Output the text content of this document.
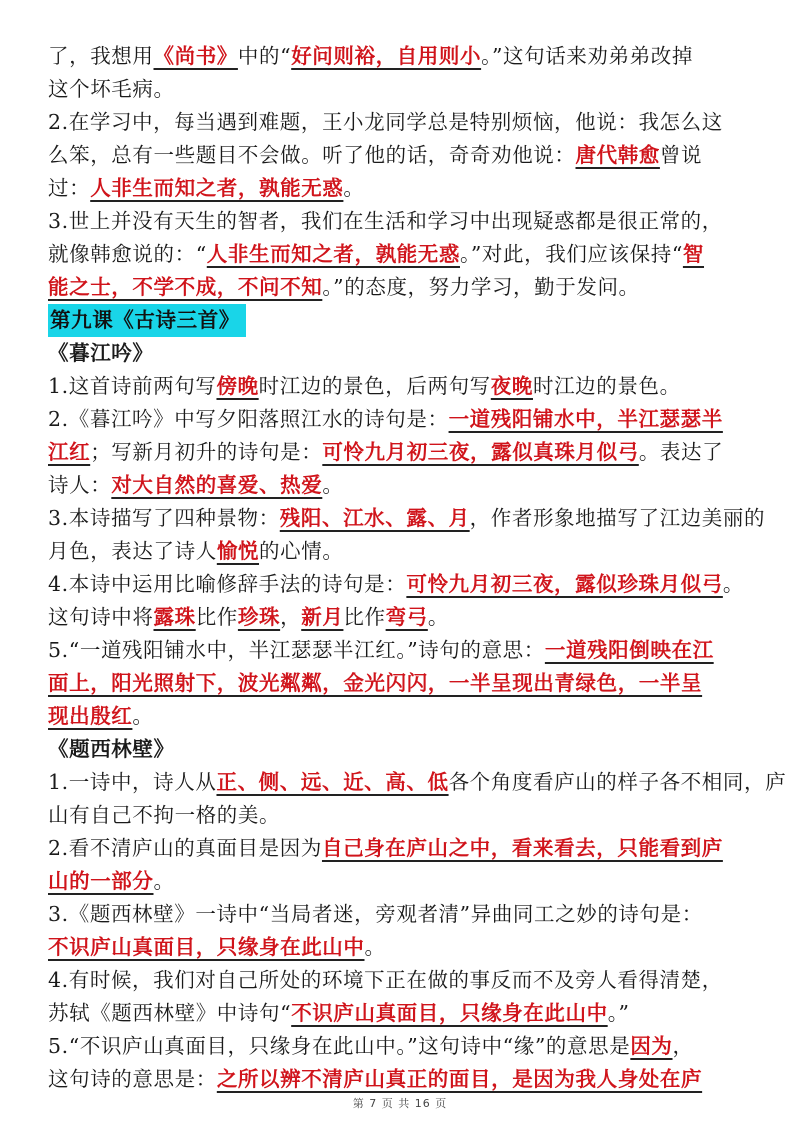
了，我想用《尚书》中的“好问则裕，自用则小。”这句话来劝弟弟改掉
这个坏毛病。
2.在学习中，每当遇到难题，王小龙同学总是特别烦恼，他说：我怎么这
么笨，总有一些题目不会做。听了他的话，奇奇劝他说：唐代韩愈曾说
过：人非生而知之者，孰能无惑。
3.世上并没有天生的智者，我们在生活和学习中出现疑惑都是很正常的，
就像韩愈说的：“人非生而知之者，孰能无惑。”对此，我们应该保持“智
能之士，不学不成，不问不知。”的态度，努力学习，勤于发问。
第九课《古诗三首》
《暮江吟》
1.这首诗前两句写傍晚时江边的景色，后两句写夜晚时江边的景色。
2.《暮江吟》中写夕阳落照江水的诗句是：一道残阳铺水中，半江瑟瑟半
江红；写新月初升的诗句是：可怜九月初三夜，露似真珠月似弓。表达了
诗人：对大自然的喜爱、热爱。
3.本诗描写了四种景物：残阳、江水、露、月，作者形象地描写了江边美丽的
月色，表达了诗人愉悦的心情。
4.本诗中运用比喻修辞手法的诗句是：可怜九月初三夜，露似珍珠月似弓。
这句诗中将露珠比作珍珠，新月比作弯弓。
5.“一道残阳铺水中，半江瑟瑟半江红。”诗句的意思：一道残阳倒映在江
面上，阳光照射下，波光粼粼，金光闪闪，一半呈现出青绿色，一半呈
现出殷红。
《题西林壁》
1.一诗中，诗人从正、侧、远、近、高、低各个角度看庐山的样子各不相同，庐
山有自己不拘一格的美。
2.看不清庐山的真面目是因为自己身在庐山之中，看来看去，只能看到庐
山的一部分。
3.《题西林壁》一诗中“当局者迷，旁观者清”异曲同工之妙的诗句是：
不识庐山真面目，只缘身在此山中。
4.有时候，我们对自己所处的环境下正在做的事反而不及旁人看得清楚，
苏轼《题西林壁》中诗句“不识庐山真面目，只缘身在此山中。”
5.“不识庐山真面目，只缘身在此山中。”这句诗中“缘”的意思是因为，
这句诗的意思是：之所以辨不清庐山真正的面目，是因为我人身处在庐
第 7 页 共 16 页
